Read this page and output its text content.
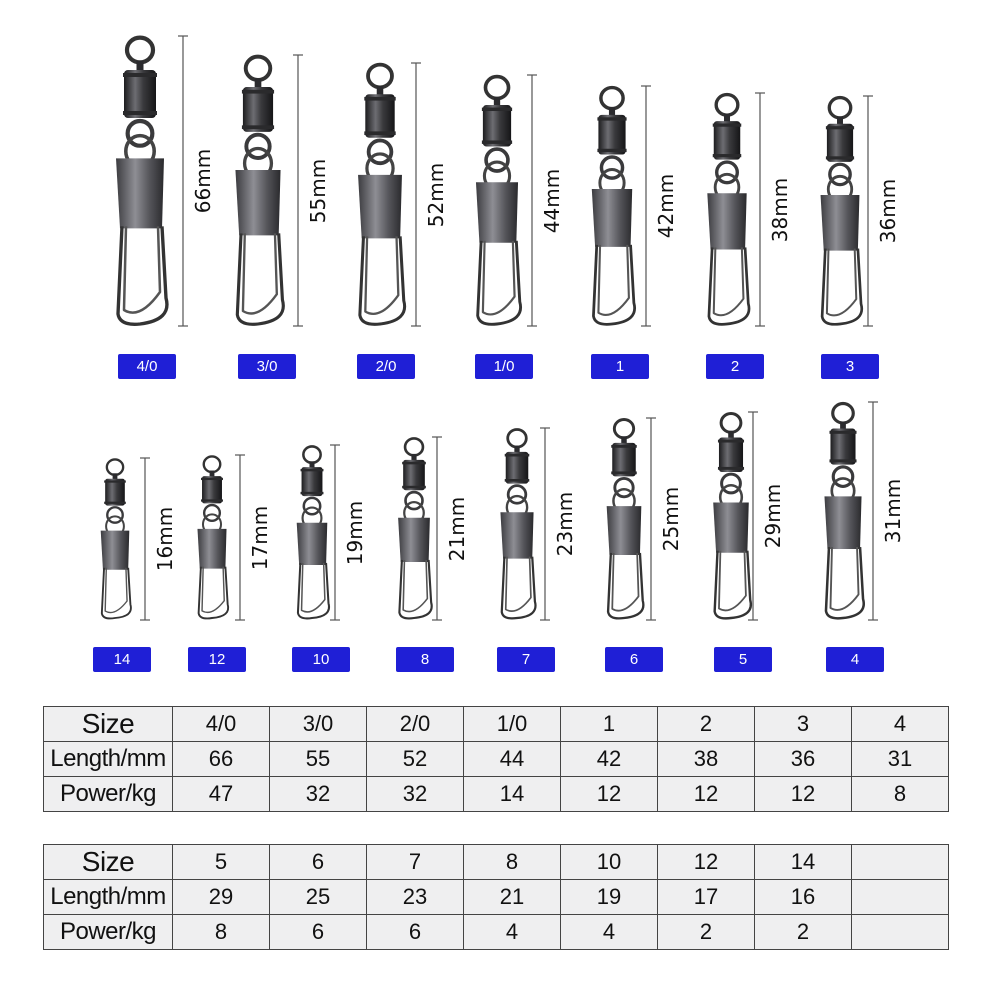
66mm
4/0
55mm
3/0
52mm
2/0
44mm
1/0
42mm
1
38mm
2
36mm
3
16mm
14
17mm
12
19mm
10
21mm
8
23mm
7
25mm
6
29mm
5
31mm
4
Size	4/0	3/0	2/0	1/0	1	2	3	4
Length/mm	66	55	52	44	42	38	36	31
Power/kg	47	32	32	14	12	12	12	8
Size	5	6	7	8	10	12	14	
Length/mm	29	25	23	21	19	17	16	
Power/kg	8	6	6	4	4	2	2	
